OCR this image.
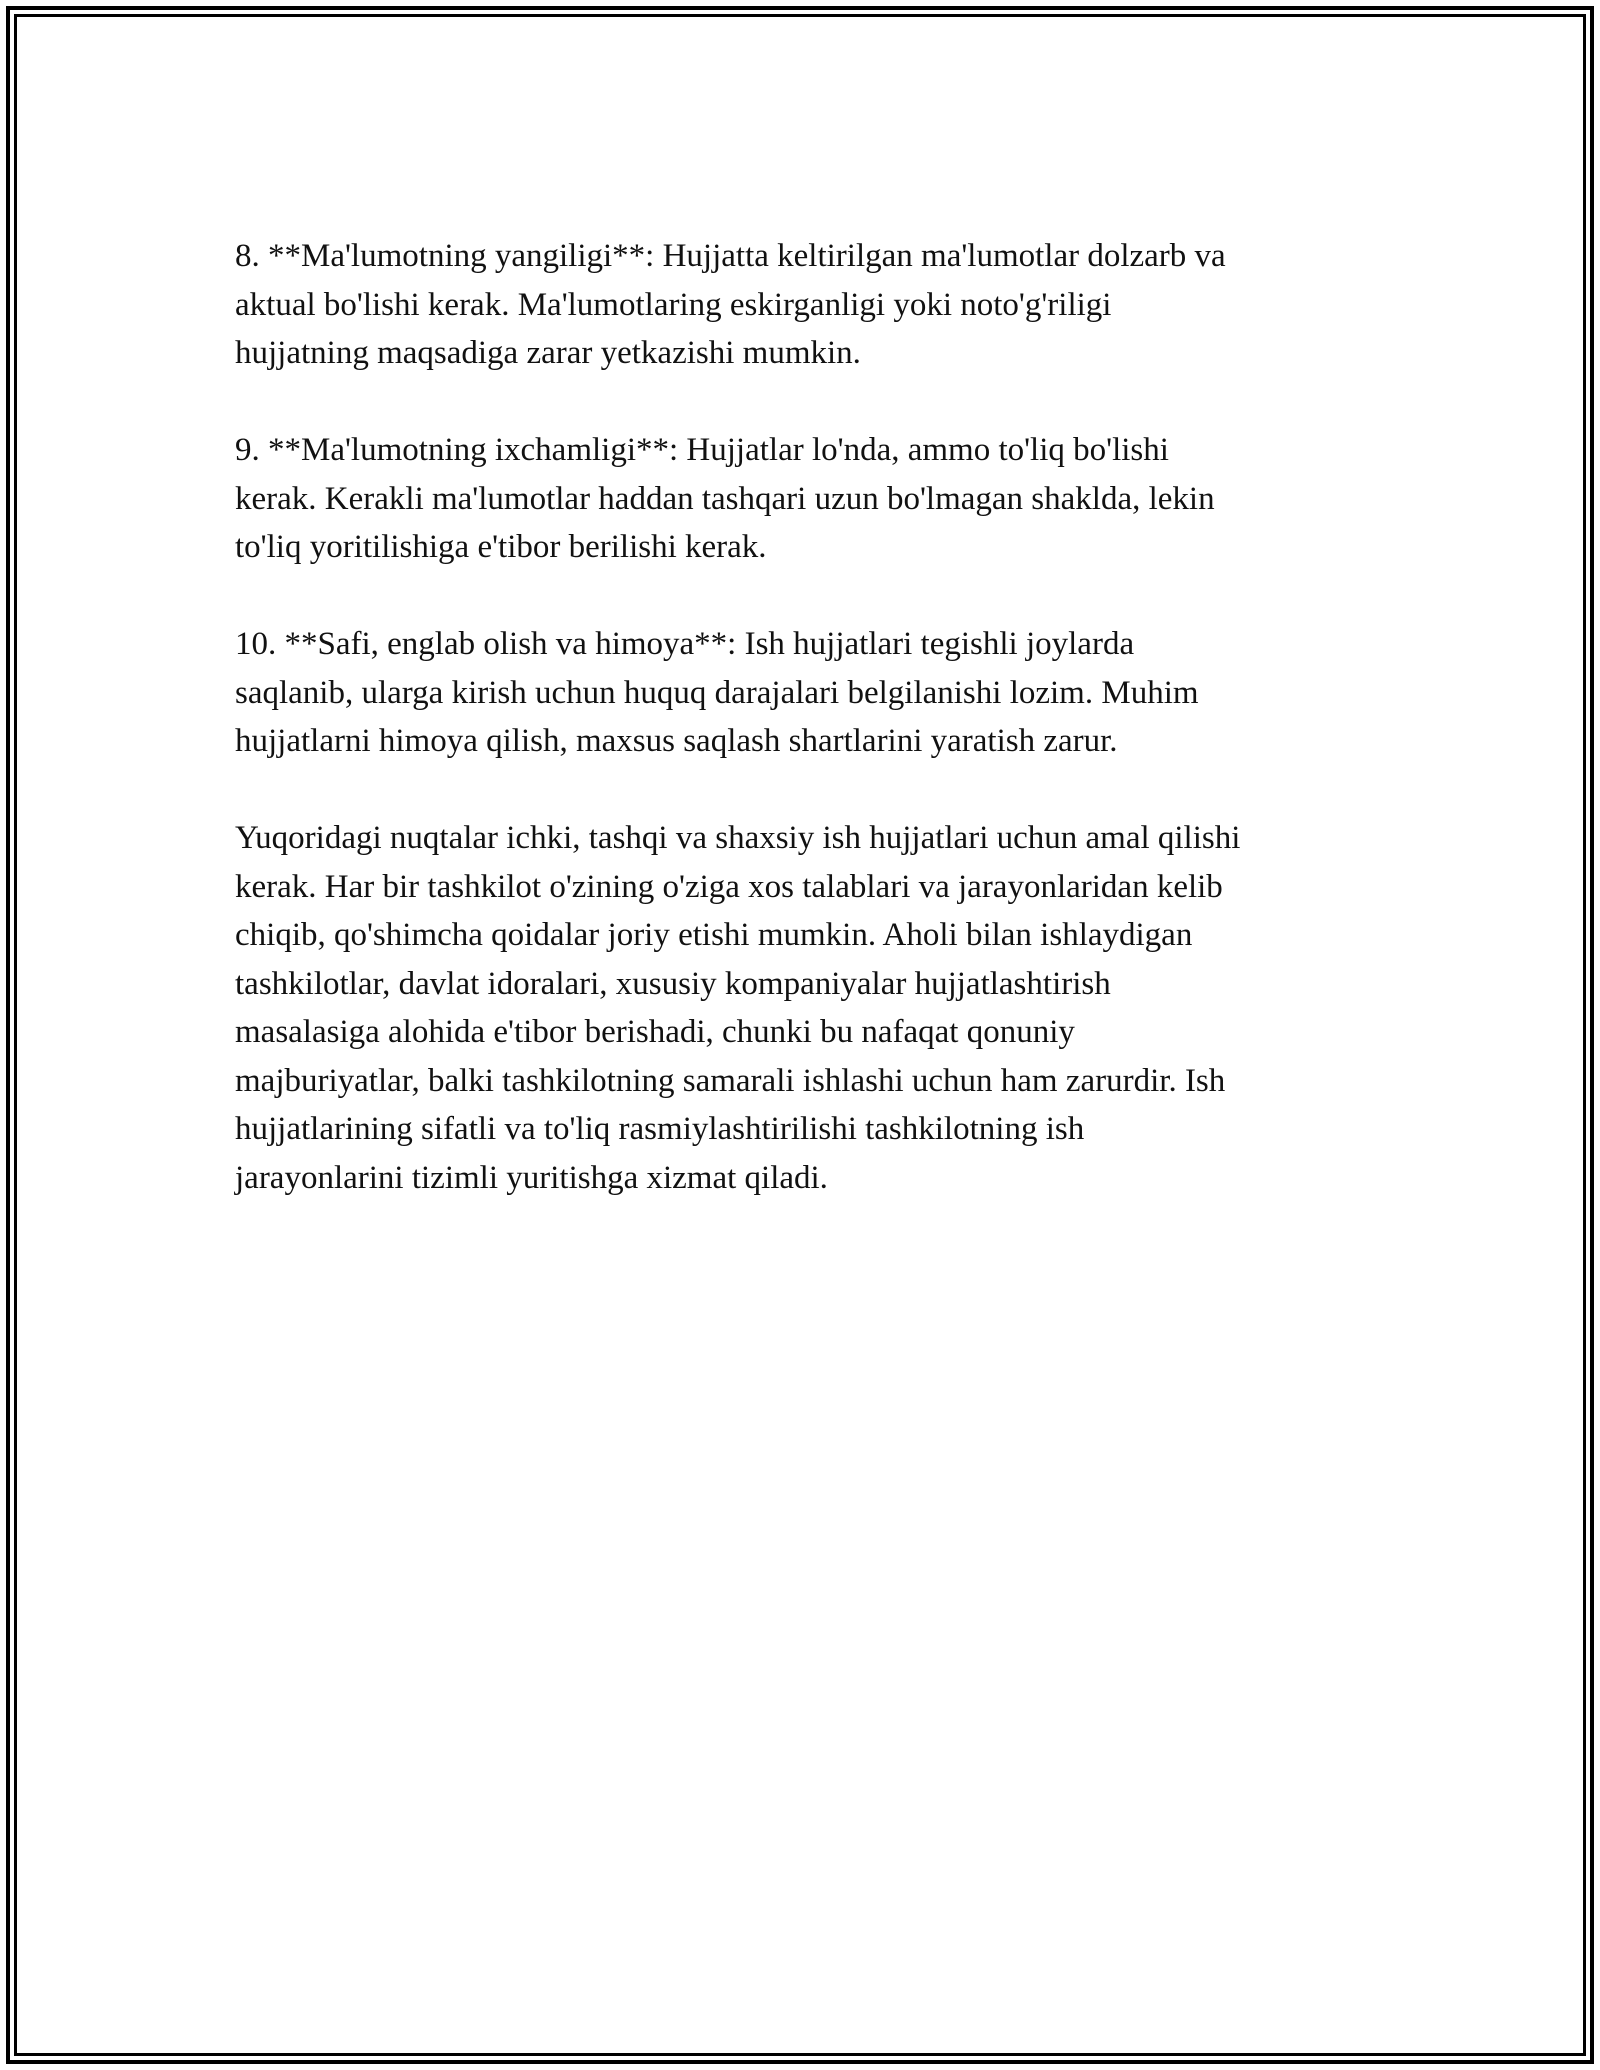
8. **Ma'lumotning yangiligi**: Hujjatta keltirilgan ma'lumotlar dolzarb va
aktual bo'lishi kerak. Ma'lumotlaring eskirganligi yoki noto'g'riligi
hujjatning maqsadiga zarar yetkazishi mumkin.

9. **Ma'lumotning ixchamligi**: Hujjatlar lo'nda, ammo to'liq bo'lishi
kerak. Kerakli ma'lumotlar haddan tashqari uzun bo'lmagan shaklda, lekin
to'liq yoritilishiga e'tibor berilishi kerak.

10. **Safi, englab olish va himoya**: Ish hujjatlari tegishli joylarda
saqlanib, ularga kirish uchun huquq darajalari belgilanishi lozim. Muhim
hujjatlarni himoya qilish, maxsus saqlash shartlarini yaratish zarur.

Yuqoridagi nuqtalar ichki, tashqi va shaxsiy ish hujjatlari uchun amal qilishi
kerak. Har bir tashkilot o'zining o'ziga xos talablari va jarayonlaridan kelib
chiqib, qo'shimcha qoidalar joriy etishi mumkin. Aholi bilan ishlaydigan
tashkilotlar, davlat idoralari, xususiy kompaniyalar hujjatlashtirish
masalasiga alohida e'tibor berishadi, chunki bu nafaqat qonuniy
majburiyatlar, balki tashkilotning samarali ishlashi uchun ham zarurdir. Ish
hujjatlarining sifatli va to'liq rasmiylashtirilishi tashkilotning ish
jarayonlarini tizimli yuritishga xizmat qiladi.
